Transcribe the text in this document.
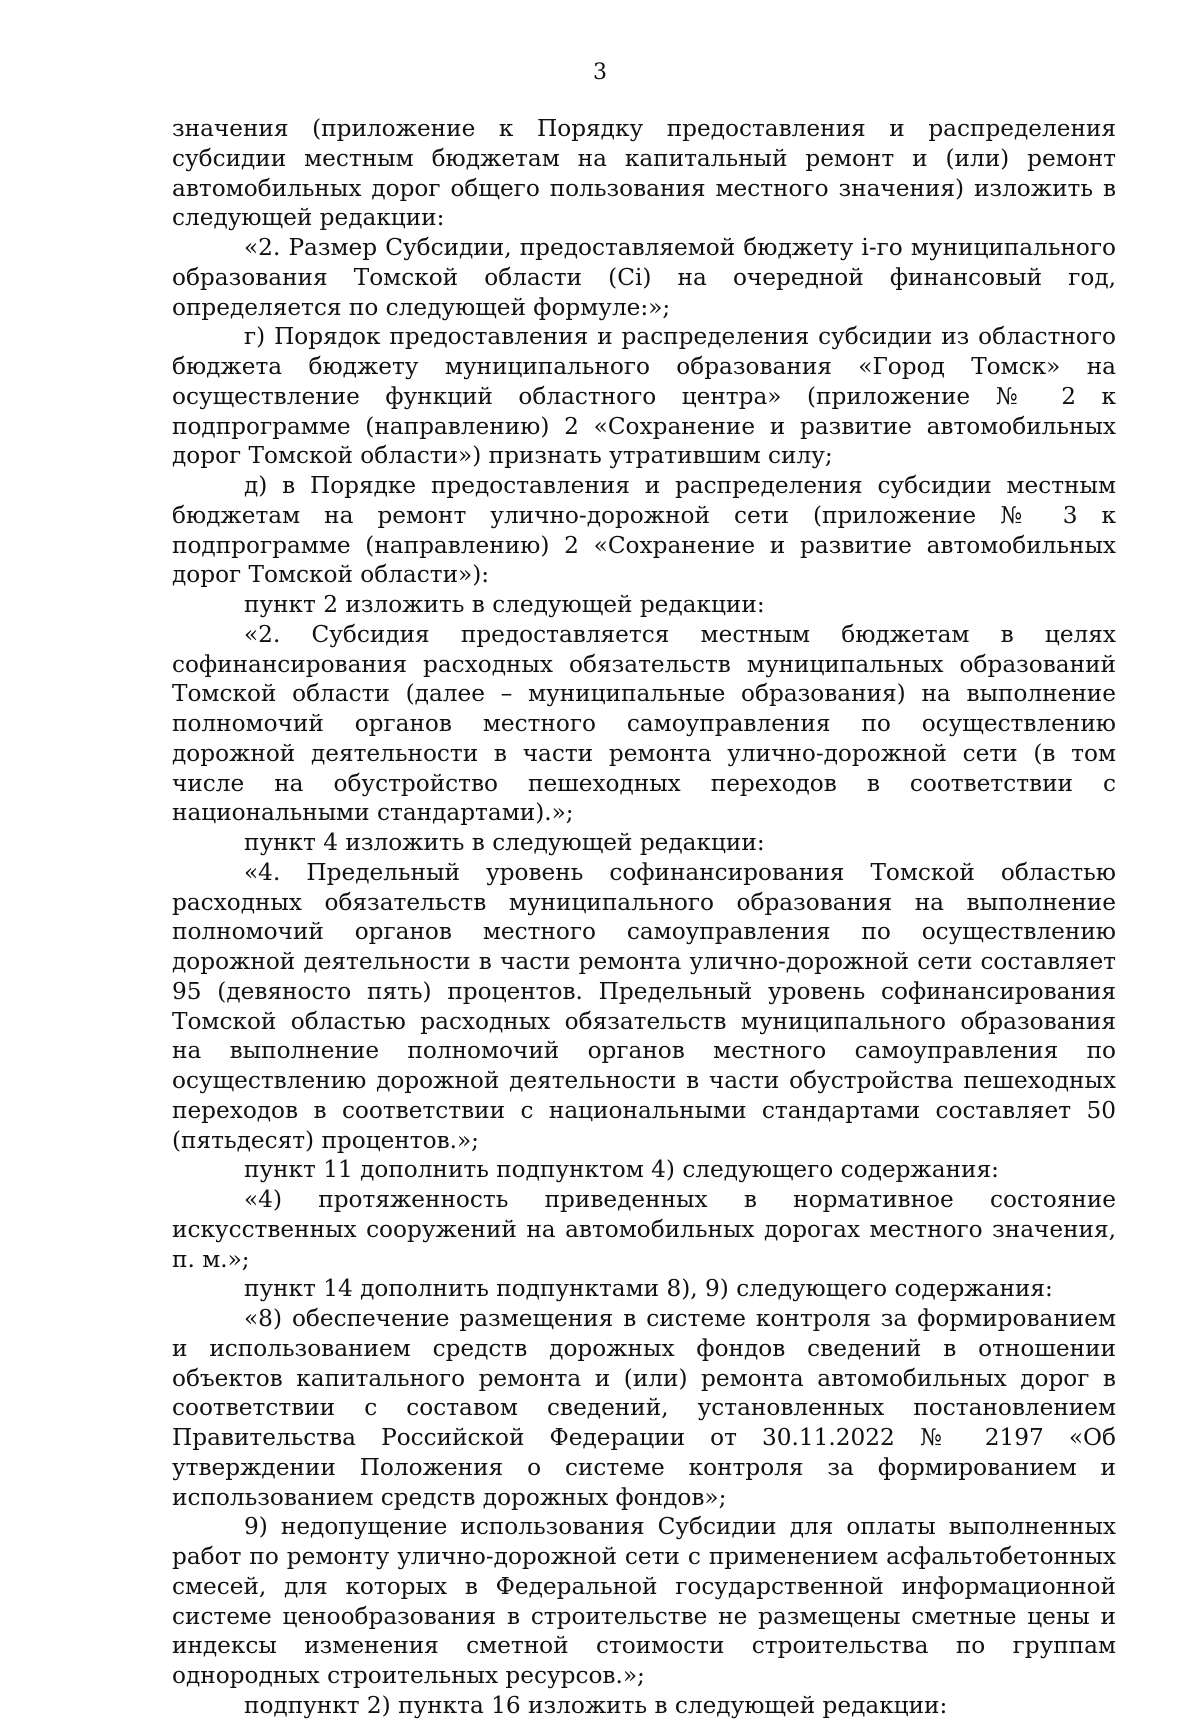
3

значения (приложение к Порядку предоставления и распределения субсидии местным бюджетам на капитальный ремонт и (или) ремонт автомобильных дорог общего пользования местного значения) изложить в следующей редакции:

«2. Размер Субсидии, предоставляемой бюджету i-го муниципального образования Томской области (Ci) на очередной финансовый год, определяется по следующей формуле:»;

г) Порядок предоставления и распределения субсидии из областного бюджета бюджету муниципального образования «Город Томск» на осуществление функций областного центра» (приложение № 2 к подпрограмме (направлению) 2 «Сохранение и развитие автомобильных дорог Томской области») признать утратившим силу;

д) в Порядке предоставления и распределения субсидии местным бюджетам на ремонт улично-дорожной сети (приложение № 3 к подпрограмме (направлению) 2 «Сохранение и развитие автомобильных дорог Томской области»):

пункт 2 изложить в следующей редакции:

«2. Субсидия предоставляется местным бюджетам в целях софинансирования расходных обязательств муниципальных образований Томской области (далее – муниципальные образования) на выполнение полномочий органов местного самоуправления по осуществлению дорожной деятельности в части ремонта улично-дорожной сети (в том числе на обустройство пешеходных переходов в соответствии с национальными стандартами).»;

пункт 4 изложить в следующей редакции:

«4. Предельный уровень софинансирования Томской областью расходных обязательств муниципального образования на выполнение полномочий органов местного самоуправления по осуществлению дорожной деятельности в части ремонта улично-дорожной сети составляет 95 (девяносто пять) процентов. Предельный уровень софинансирования Томской областью расходных обязательств муниципального образования на выполнение полномочий органов местного самоуправления по осуществлению дорожной деятельности в части обустройства пешеходных переходов в соответствии с национальными стандартами составляет 50 (пятьдесят) процентов.»;

пункт 11 дополнить подпунктом 4) следующего содержания:

«4) протяженность приведенных в нормативное состояние искусственных сооружений на автомобильных дорогах местного значения, п. м.»;

пункт 14 дополнить подпунктами 8), 9) следующего содержания:

«8) обеспечение размещения в системе контроля за формированием и использованием средств дорожных фондов сведений в отношении объектов капитального ремонта и (или) ремонта автомобильных дорог в соответствии с составом сведений, установленных постановлением Правительства Российской Федерации от 30.11.2022 № 2197 «Об утверждении Положения о системе контроля за формированием и использованием средств дорожных фондов»;

9) недопущение использования Субсидии для оплаты выполненных работ по ремонту улично-дорожной сети с применением асфальтобетонных смесей, для которых в Федеральной государственной информационной системе ценообразования в строительстве не размещены сметные цены и индексы изменения сметной стоимости строительства по группам однородных строительных ресурсов.»;

подпункт 2) пункта 16 изложить в следующей редакции:
